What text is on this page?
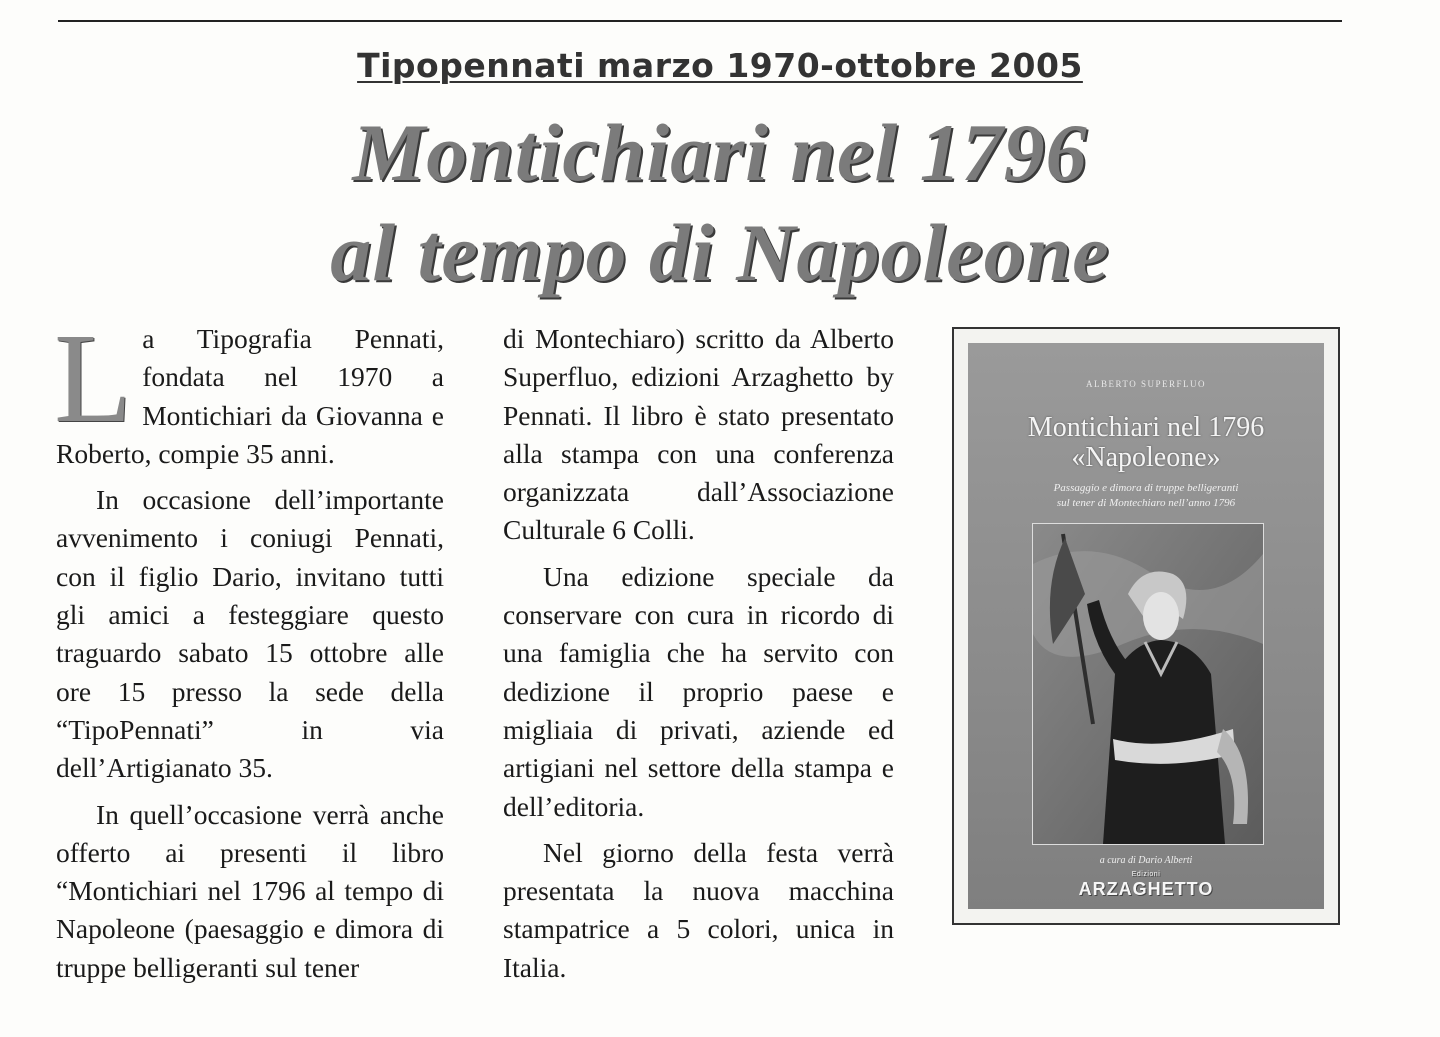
Tipopennati marzo 1970-ottobre 2005
Montichiari nel 1796
al tempo di Napoleone

L a Tipografia Pennati, fondata nel 1970 a Montichiari da Giovanna e Roberto, compie 35 anni.

In occasione dell’importante avvenimento i coniugi Pennati, con il figlio Dario, invitano tutti gli amici a festeggiare questo traguardo sabato 15 ottobre alle ore 15 presso la sede della “TipoPennati” in via dell’Artigianato 35.

In quell’occasione verrà anche offerto ai presenti il libro “Montichiari nel 1796 al tempo di Napoleone (paesaggio e dimora di truppe belligeranti sul tener

di Montechiaro) scritto da Alberto Superfluo, edizioni Arzaghetto by Pennati. Il libro è stato presentato alla stampa con una conferenza organizzata dall’Associazione Culturale 6 Colli.

Una edizione speciale da conservare con cura in ricordo di una famiglia che ha servito con dedizione il proprio paese e migliaia di privati, aziende ed artigiani nel settore della stampa e dell’editoria.

Nel giorno della festa verrà presentata la nuova macchina stampatrice a 5 colori, unica in Italia.

ALBERTO SUPERFLUO
Montichiari nel 1796
«Napoleone»
Passaggio e dimora di truppe belligeranti
sul tener di Montechiaro nell’anno 1796
a cura di Dario Alberti
Edizioni
ARZAGHETTO
